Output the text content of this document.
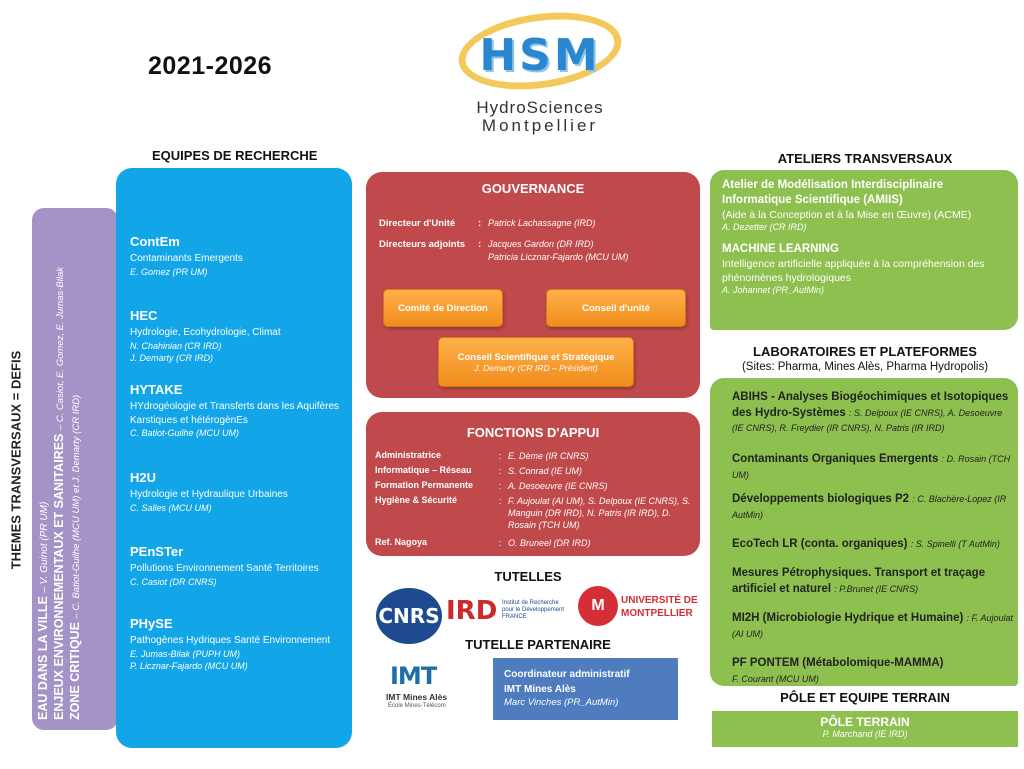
2021-2026	HSM
HydroSciences
Montpellier
THEMES TRANSVERSAUX = DEFIS
EAU DANS LA VILLE – V. Guinot (PR UM) ENJEUX ENVIRONNEMENTAUX ET SANITAIRES – C. Casiot, E. Gomez, E. Jumas-Bilak
ZONE CRITIQUE – C. Batiot-Guilhe (MCU UM) et J. Demarty (CR IRD)
EQUIPES DE RECHERCHE
ContEm
Contaminants Emergents
E. Gomez (PR UM)
HEC
Hydrologie, Ecohydrologie, Climat
N. Chahinian (CR IRD)
J. Demarty (CR IRD)
HYTAKE
HYdrogéologie et Transferts dans les Aquifères Karstiques et hétérogènEs
C. Batiot-Guilhe (MCU UM)
H2U
Hydrologie et Hydraulique Urbaines
C. Salles (MCU UM)
PEnSTer
Pollutions Environnement Santé Territoires
C. Casiot (DR CNRS)
PHySE
Pathogènes Hydriques Santé Environnement
E. Jumas-Bilak (PUPH UM)
P. Licznar-Fajardo (MCU UM)
GOUVERNANCE
Directeur d'Unité : Patrick Lachassagne (IRD)
Directeurs adjoints : Jacques Gardon (DR IRD)
Patricia Licznar-Fajardo (MCU UM)
Comité de Direction	Conseil d'unité
Conseil Scientifique et Stratégique
J. Demarty (CR IRD – Président)
FONCTIONS D'APPUI
Administratrice	: E. Dème (IR CNRS)
Informatique – Réseau	: S. Conrad (IE UM)
Formation Permanente	: A. Desoeuvre (IE CNRS)
Hygiène & Sécurité	: F. Aujoulat (AI UM), S. Delpoux (IE CNRS), S. Manguin (DR IRD), N. Patris (IR IRD), D. Rosain (TCH UM)
Ref. Nagoya	: O. Bruneel (DR IRD)
TUTELLES
CNRS IRD Institut de Recherche pour le Développement FRANCE
M	UNIVERSITÉ DE
MONTPELLIER
TUTELLE PARTENAIRE
IMT
IMT Mines Alès
École Mines-Télécom
Coordinateur administratif
IMT Mines Alès
Marc Vinches (PR_AutMin)
ATELIERS TRANSVERSAUX
Atelier de Modélisation Interdisciplinaire Informatique Scientifique (AMIIS)
(Aide à la Conception et à la Mise en Œuvre) (ACME)
A. Dezetter (CR IRD)
MACHINE LEARNING
Intelligence artificielle appliquée à la compréhension des phénomènes hydrologiques
A. Johannet (PR_AutMin)
LABORATOIRES ET PLATEFORMES
(Sites: Pharma, Mines Alès, Pharma Hydropolis)
ABIHS - Analyses Biogéochimiques et Isotopiques des Hydro-Systèmes : S. Delpoux (IE CNRS), A. Desoeuvre (IE CNRS), R. Freydier (IR CNRS), N. Patris (IR IRD)
Contaminants Organiques Emergents : D. Rosain (TCH UM)
Développements biologiques P2 : C. Blachère-Lopez (IR AutMin)
EcoTech LR (conta. organiques) : S. Spinelli (T AutMin)
Mesures Pétrophysiques. Transport et traçage artificiel et naturel : P.Brunet (IE CNRS)
MI2H (Microbiologie Hydrique et Humaine) : F. Aujoulat (AI UM)
PF PONTEM (Métabolomique-MAMMA)
F. Courant (MCU UM)
PÔLE ET EQUIPE TERRAIN
PÔLE TERRAIN
P. Marchand (IE IRD)
